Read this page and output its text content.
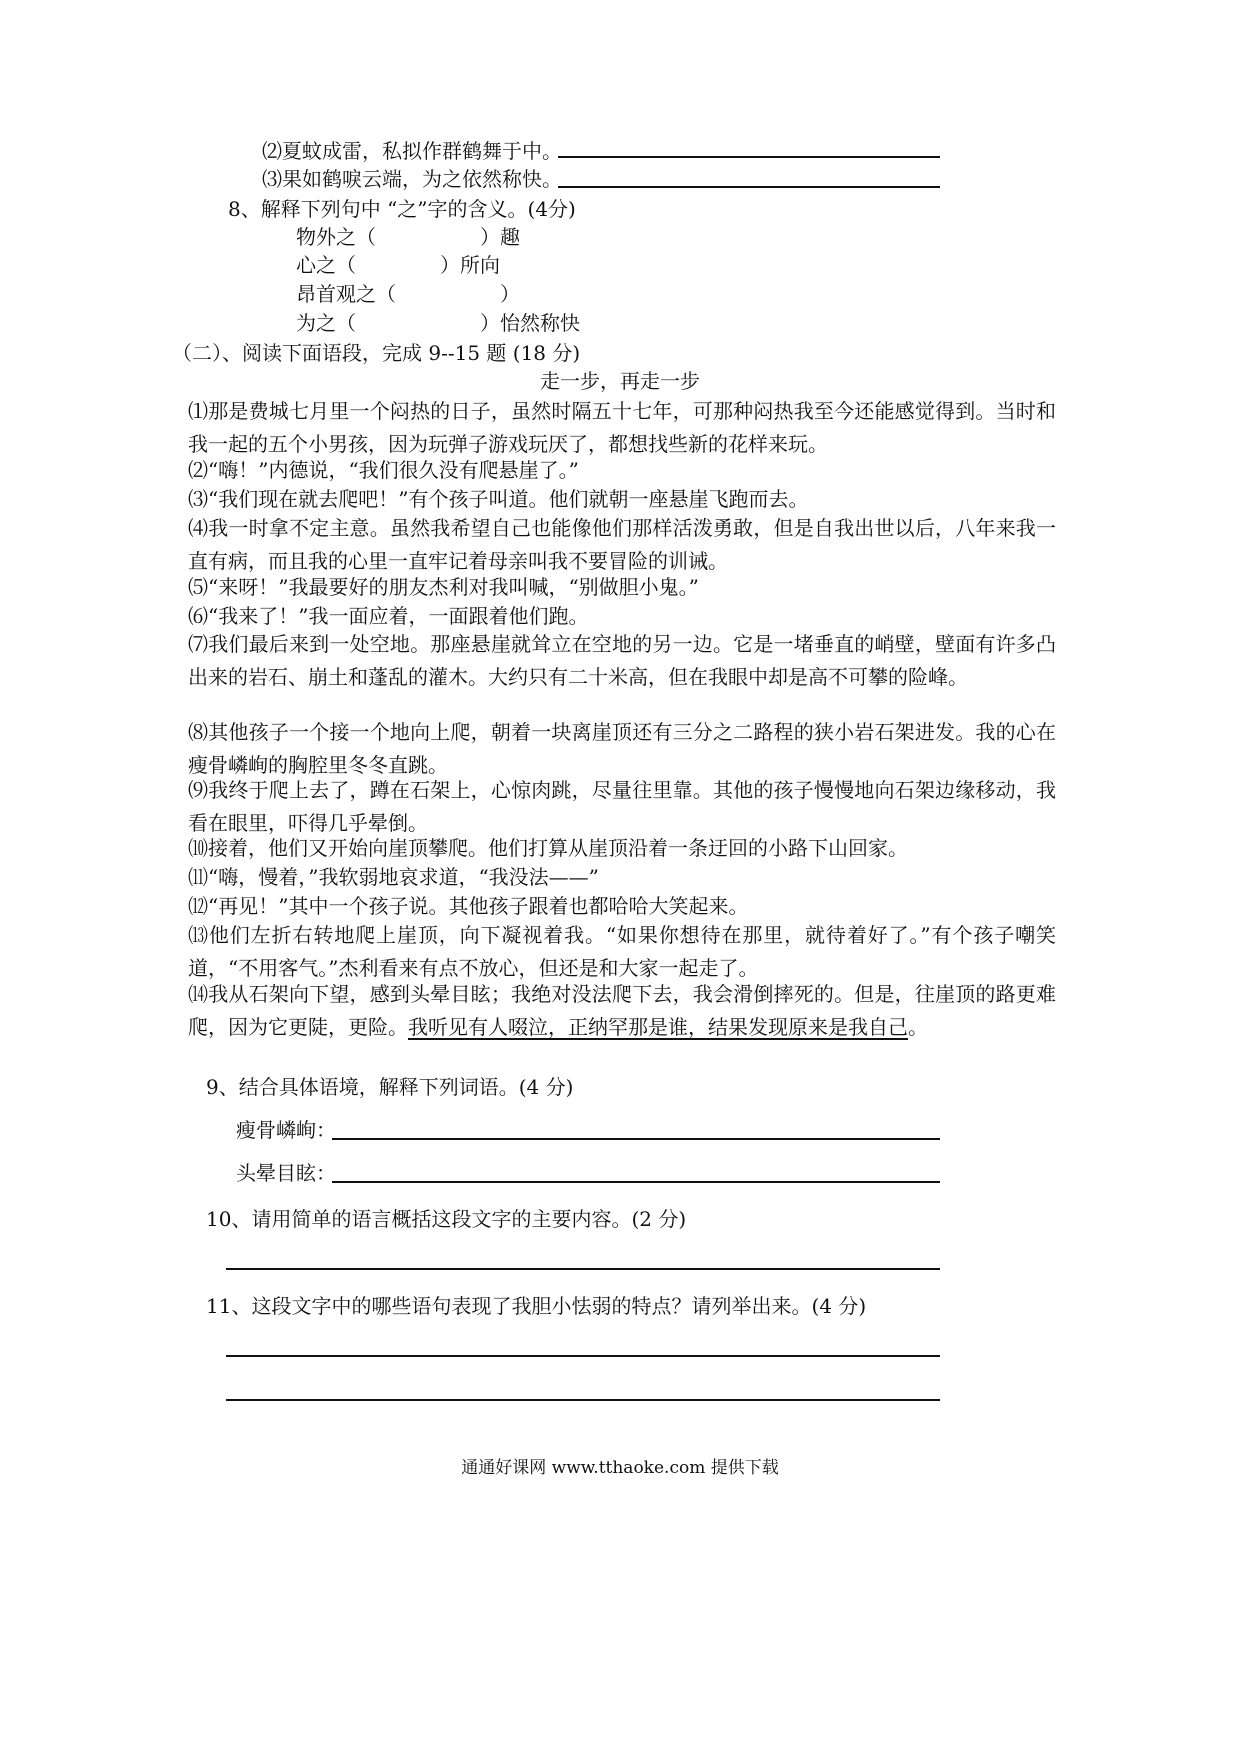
⑵夏蚊成雷，私拟作群鹤舞于中。
⑶果如鹤唳云端，为之依然称快。
8、解释下列句中 “之”字的含义。(4分)
物外之（	）趣
心之（	）所向
昂首观之（	）
为之（	）怡然称快
（二）、阅读下面语段，完成 9--15 题 (18 分)
走一步，再走一步
⑴那是费城七月里一个闷热的日子，虽然时隔五十七年，可那种闷热我至今还能感觉得到。当时和我一起的五个小男孩，因为玩弹子游戏玩厌了，都想找些新的花样来玩。
⑵“嗨！”内德说，“我们很久没有爬悬崖了。”
⑶“我们现在就去爬吧！”有个孩子叫道。他们就朝一座悬崖飞跑而去。
⑷我一时拿不定主意。虽然我希望自己也能像他们那样活泼勇敢，但是自我出世以后，八年来我一直有病，而且我的心里一直牢记着母亲叫我不要冒险的训诫。
⑸“来呀！”我最要好的朋友杰利对我叫喊，“别做胆小鬼。”
⑹“我来了！”我一面应着，一面跟着他们跑。
⑺我们最后来到一处空地。那座悬崖就耸立在空地的另一边。它是一堵垂直的峭壁，壁面有许多凸出来的岩石、崩土和蓬乱的灌木。大约只有二十米高，但在我眼中却是高不可攀的险峰。
⑻其他孩子一个接一个地向上爬，朝着一块离崖顶还有三分之二路程的狭小岩石架进发。我的心在瘦骨嶙峋的胸腔里冬冬直跳。
⑼我终于爬上去了，蹲在石架上，心惊肉跳，尽量往里靠。其他的孩子慢慢地向石架边缘移动，我看在眼里，吓得几乎晕倒。
⑽接着，他们又开始向崖顶攀爬。他们打算从崖顶沿着一条迂回的小路下山回家。
⑾“嗨，慢着，”我软弱地哀求道，“我没法——”
⑿“再见！”其中一个孩子说。其他孩子跟着也都哈哈大笑起来。
⒀他们左折右转地爬上崖顶，向下凝视着我。“如果你想待在那里，就待着好了。”有个孩子嘲笑道，“不用客气。”杰利看来有点不放心，但还是和大家一起走了。
⒁我从石架向下望，感到头晕目眩；我绝对没法爬下去，我会滑倒摔死的。但是，往崖顶的路更难爬，因为它更陡，更险。我听见有人啜泣，正纳罕那是谁，结果发现原来是我自己。
9、结合具体语境，解释下列词语。(4 分)
瘦骨嶙峋：
头晕目眩：
10、请用简单的语言概括这段文字的主要内容。(2 分)
11、这段文字中的哪些语句表现了我胆小怯弱的特点？请列举出来。(4 分)
通通好课网 www.tthaoke.com 提供下载
